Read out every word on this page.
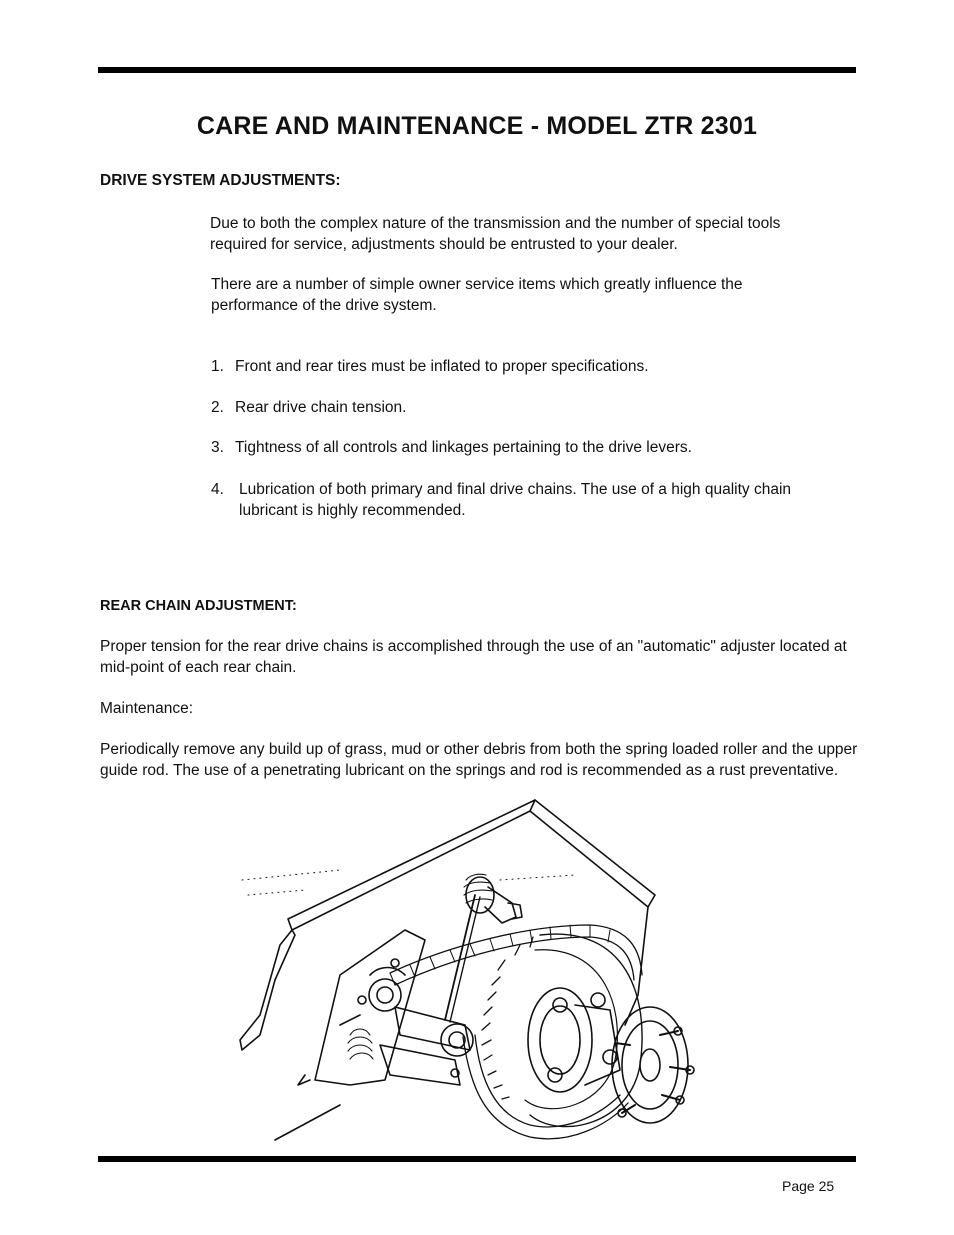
CARE AND MAINTENANCE - MODEL ZTR 2301
DRIVE SYSTEM ADJUSTMENTS:

Due to both the complex nature of the transmission and the number of special tools required for service, adjustments should be entrusted to your dealer.

There are a number of simple owner service items which greatly influence the performance of the drive system.

1. Front and rear tires must be inflated to proper specifications.
2. Rear drive chain tension.
3. Tightness of all controls and linkages pertaining to the drive levers.
4. Lubrication of both primary and final drive chains. The use of a high quality chain lubricant is highly recommended.
REAR CHAIN ADJUSTMENT:

Proper tension for the rear drive chains is accomplished through the use of an "automatic" adjuster located at mid-point of each rear chain.

Maintenance:

Periodically remove any build up of grass, mud or other debris from both the spring loaded roller and the upper guide rod. The use of a penetrating lubricant on the springs and rod is recommended as a rust preventative.

Page 25
